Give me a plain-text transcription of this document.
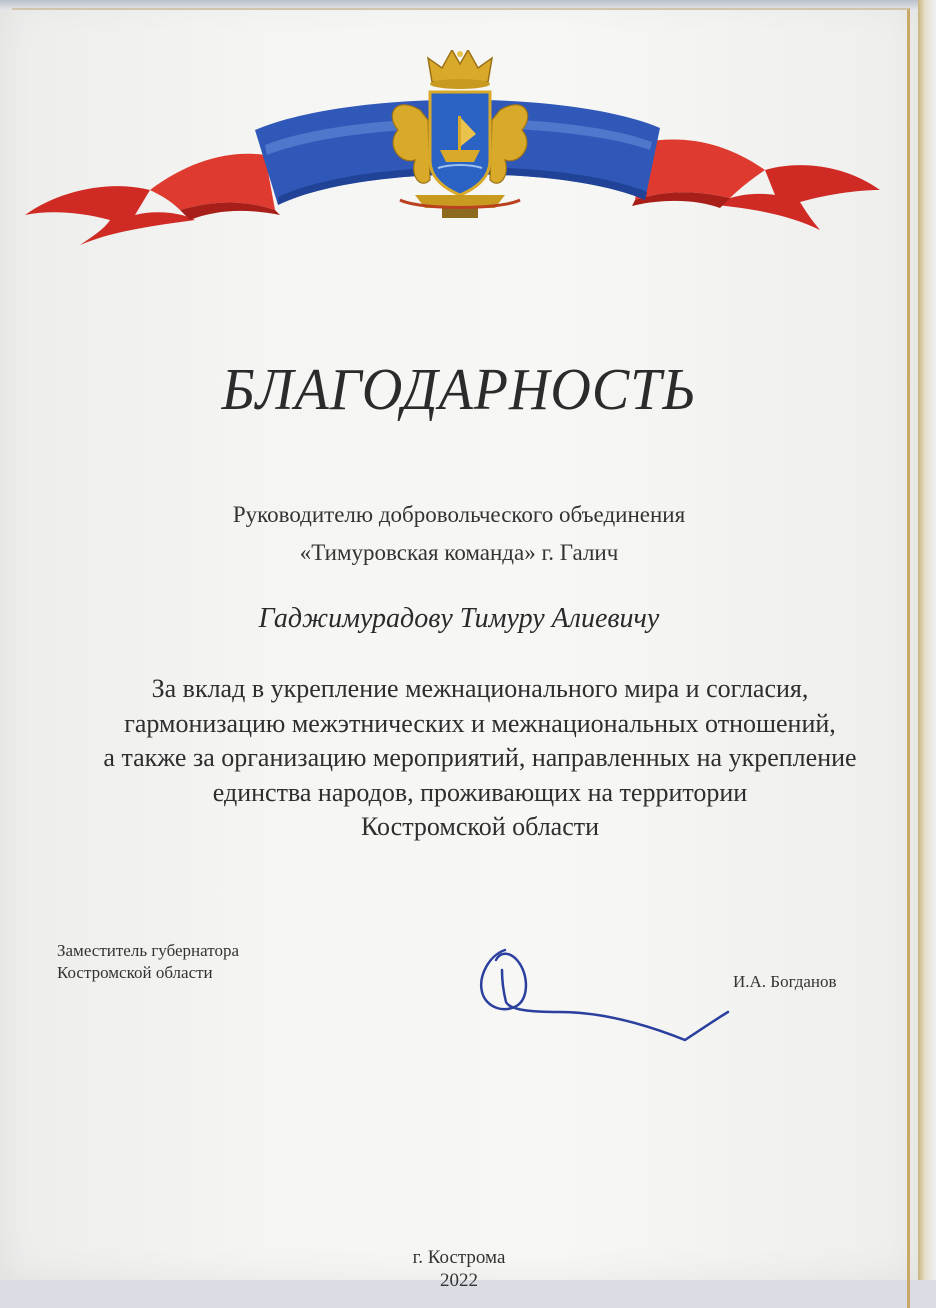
БЛАГОДАРНОСТЬ
Руководителю добровольческого объединения
«Тимуровская команда» г. Галич
Гаджимурадову Тимуру Алиевичу
За вклад в укрепление межнационального мира и согласия,
гармонизацию межэтнических и межнациональных отношений,
а также за организацию мероприятий, направленных на укрепление
единства народов, проживающих на территории
Костромской области
Заместитель губернатора
Костромской области	И.А. Богданов
г. Кострома
2022
